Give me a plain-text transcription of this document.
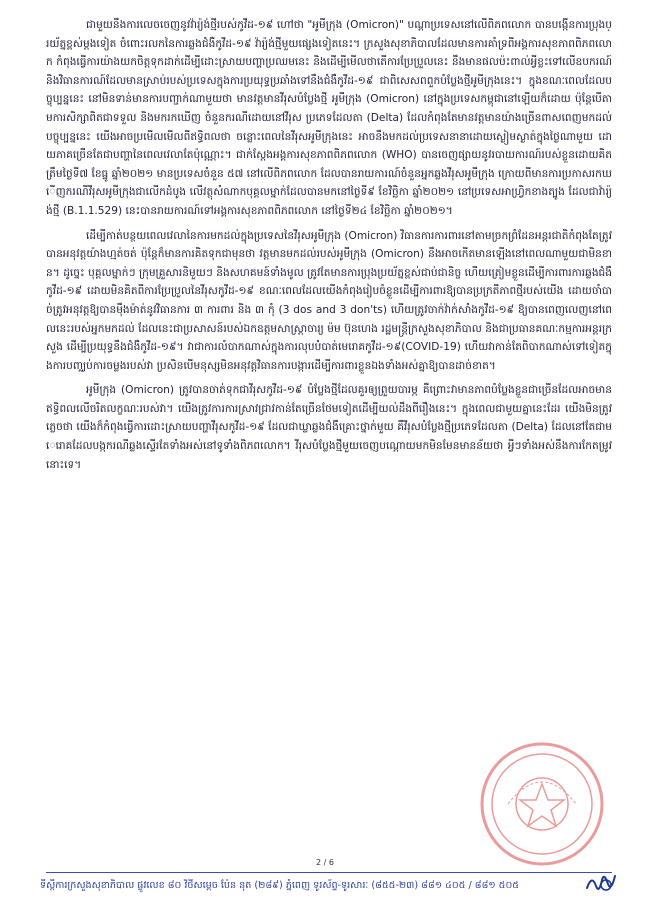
ជាមួយនឹងការលេចចេញនូវវ៉ារ្យ៉ង់ថ្មីរបស់កូវីដ-១៩ ហៅថា "អូមីក្រុង (Omicron)" បណ្តាប្រទេសនៅលើពិភពលោក បានបង្កើនការប្រុងប្រយ័ត្នខ្ពស់ម្តងទៀត ចំពោះរលកនៃការឆ្លងជំងឺកូវីដ-១៩ វ៉ារ្យ៉ង់ថ្មីមួយផ្សេងទៀតនេះ។ ក្រសួងសុខាភិបាលដែលមានការគាំទ្រពីអង្គការសុខភាពពិភពលោក កំពុងធ្វើការយ៉ាងយកចិត្តទុកដាក់ដើម្បីដោះស្រាយបញ្ហាប្រឈមនេះ និងដើម្បីមើលថាតើការប្រែប្រួលនេះ នឹងមានផលប៉ះពាល់អ្វីខ្លះទៅលើឧបករណ៍ និងវិធានការណ៍ដែលមានស្រាប់របស់ប្រទេសក្នុងការប្រយុទ្ធប្រឆាំងទៅនឹងជំងឺកូវីដ-១៩ ជាពិសេសពពួកបំប្លែងថ្មីអូមីក្រុងនេះ។ ក្នុងខណៈពេលដែលបច្ចុប្បន្ននេះ នៅមិនទាន់មានការបញ្ជាក់ណាមួយថា មានវត្តមានវីរុសបំប្លែងថ្មី អូមីក្រុង (Omicron) នៅក្នុងប្រទេសកម្ពុជានៅឡើយក៏ដោយ ប៉ុន្តែបើតាមការសិក្សាពិតជាទទួល និងមករកឃើញ ចំនួនករណីដោយនៅវីរុស ប្រភេទដែលតា (Delta) ដែលកំពុងតែមានវត្តមានយ៉ាងច្រើនពាសពេញមកដល់បច្ចុប្បន្ននេះ យើងអាចប្រមើលមើលពីឥទ្ធិពលថា ចន្លោះពេលនៃវីរុសអូមីក្រុងនេះ អាចនឹងមកដល់ប្រទេសនានាដោយស្ងៀមស្ងាត់ក្នុងថ្ងៃណាមួយ ដោយភាគច្រើនតែជាបញ្ហានៃពេលវេលាតែប៉ុណ្ណោះ។ ជាក់ស្តែងអង្គការសុខភាពពិភពលោក (WHO) បានចេញផ្សាយនូវរបាយការណ៍របស់ខ្លួនដោយគិតត្រឹមថ្ងៃទី៧ ខែធ្នូ ឆ្នាំ២០២១ មានប្រទេសចំនួន ៥៧ នៅលើពិភពលោក ដែលបានរាយការណ៍ចំនួនអ្នកឆ្លងវីរុសអូមីក្រុង ក្រោយពីមានការប្រកាសរកឃើញករណីវីរុសអូមីក្រុងជាលើកដំបូង លើវត្ថុសំណាកបុគ្គលម្នាក់ដែលបានមកនៅថ្ងៃទី៩ ខែវិច្ឆិកា ឆ្នាំ២០២១ នៅប្រទេសអាហ្វ្រិកខាងត្បូង ដែលជាវ៉ារ្យ៉ង់ថ្មី (B.1.1.529) នេះបានរាយការណ៍ទៅអង្គការសុខភាពពិភពលោក នៅថ្ងៃទី២៤ ខែវិច្ឆិកា ឆ្នាំ២០២១។

ដើម្បីកាត់បន្ថយពេលវេលានៃការមកដល់ក្នុងប្រទេសនៃវីរុសអូមីក្រុង (Omicron) វិធានការការពារនៅតាមច្រកព្រំដែនអន្តរជាតិកំពុងតែត្រូវបានអនុវត្តយ៉ាងហ្មត់ចត់ ប៉ុន្តែក៏មានការគិតទុកជាមុនថា វត្តមានមកដល់របស់អូមីក្រុង (Omicron) នឹងអាចកើតមានឡើងនៅពេលណាមួយជាមិនខាន។ ដូច្នេះ បុគ្គលម្នាក់ៗ ក្រុមគ្រួសារនិមួយៗ និងសហគមន៍ទាំងមូល ត្រូវតែមានការប្រុងប្រយ័ត្នខ្ពស់ជាប់ជានិច្ច ហើយត្រៀមខ្លួនដើម្បីការពារការឆ្លងជំងឺកូវីដ-១៩ ដោយមិនគិតពីការប្រែប្រួលនៃវីរុសកូវីដ-១៩ ខណៈពេលដែលយើងកំពុងរៀបចំខ្លួនដើម្បីការពារឱ្យបានប្រក្រតីភាពថ្មីរបស់យើង ដោយចាំបាច់ត្រូវអនុវត្តឱ្យបានម៉ឺងម៉ាត់នូវវិធានការ ៣ ការពារ និង ៣ កុំ (3 dos and 3 don'ts) ហើយត្រូវចាក់វ៉ាក់សាំងកូវីដ-១៩ ឱ្យបានពេញលេញនៅពេលនេះរបស់អ្នកមកដល់ ដែលនេះជាប្រសាសន៍របស់ឯកឧត្តមសាស្ត្រាចារ្យ ម៉ម ប៊ុនហេង រដ្ឋមន្ត្រីក្រសួងសុខាភិបាល និងជាប្រធានគណៈកម្មការអន្តរក្រសួង ដើម្បីប្រយុទ្ធនឹងជំងឺកូវីដ-១៩។ វាជាការលំបាកណាស់ក្នុងការលុបបំបាត់មេរោគកូវីដ-១៩(COVID-19) ហើយវាកាន់តែពិបាកណាស់ទៅទៀតក្នុងការបញ្ឈប់ការចម្លងរបស់វា ប្រសិនបើមនុស្សមិនអនុវត្តវិធានការបង្ការដើម្បីការពារខ្លួនឯងទាំងអស់គ្នាឱ្យបានដាច់ខាត។

អូមីក្រុង (Omicron) ត្រូវបានចាត់ទុកជាវីរុសកូវីដ-១៩ បំប្លែងថ្មីដែលគួរឲ្យព្រួយបារម្ភ គឺព្រោះវាមានភាពបំប្លែងខ្លួនជាច្រើនដែលអាចមានឥទ្ធិពលលើចរិតលក្ខណៈរបស់វា។ យើងត្រូវការការស្រាវជ្រាវកាន់តែច្រើនថែមទៀតដើម្បីយល់ដឹងពីរឿងនេះ។ ក្នុងពេលជាមួយគ្នានេះដែរ យើងមិនត្រូវភ្លេចថា យើងក៏កំពុងធ្វើការដោះស្រាយបញ្ហាវីរុសកូវីដ-១៩ ដែលជាឃ្លាឆ្លងជំងឺគ្រោះថ្នាក់មួយ គឺវីរុសបំប្លែងថ្មីប្រភេទដែលតា (Delta) ដែលនៅតែជាមេរោគដែលបង្កករណីឆ្លងស្ទើរតែទាំងអស់នៅទូទាំងពិភពលោក។ វីរុសបំប្លែងថ្មីមួយចេញបណ្តោយមកមិនមែនមានន័យថា អ្វីៗទាំងអស់នឹងការកែតម្រូវនោះទេ។

2 / 6
ទីស្តីការក្រសួងសុខាភិបាល ផ្លូវលេខ ៨០ វិថីសម្តេច ប៉ែន នុត (២៨៩) ភ្នំពេញ ទូរស័ព្ទ-ទូរសារៈ (៨៥៥-២៣) ៨៨១ ៤០៥ / ៨៨១ ៥០៥
